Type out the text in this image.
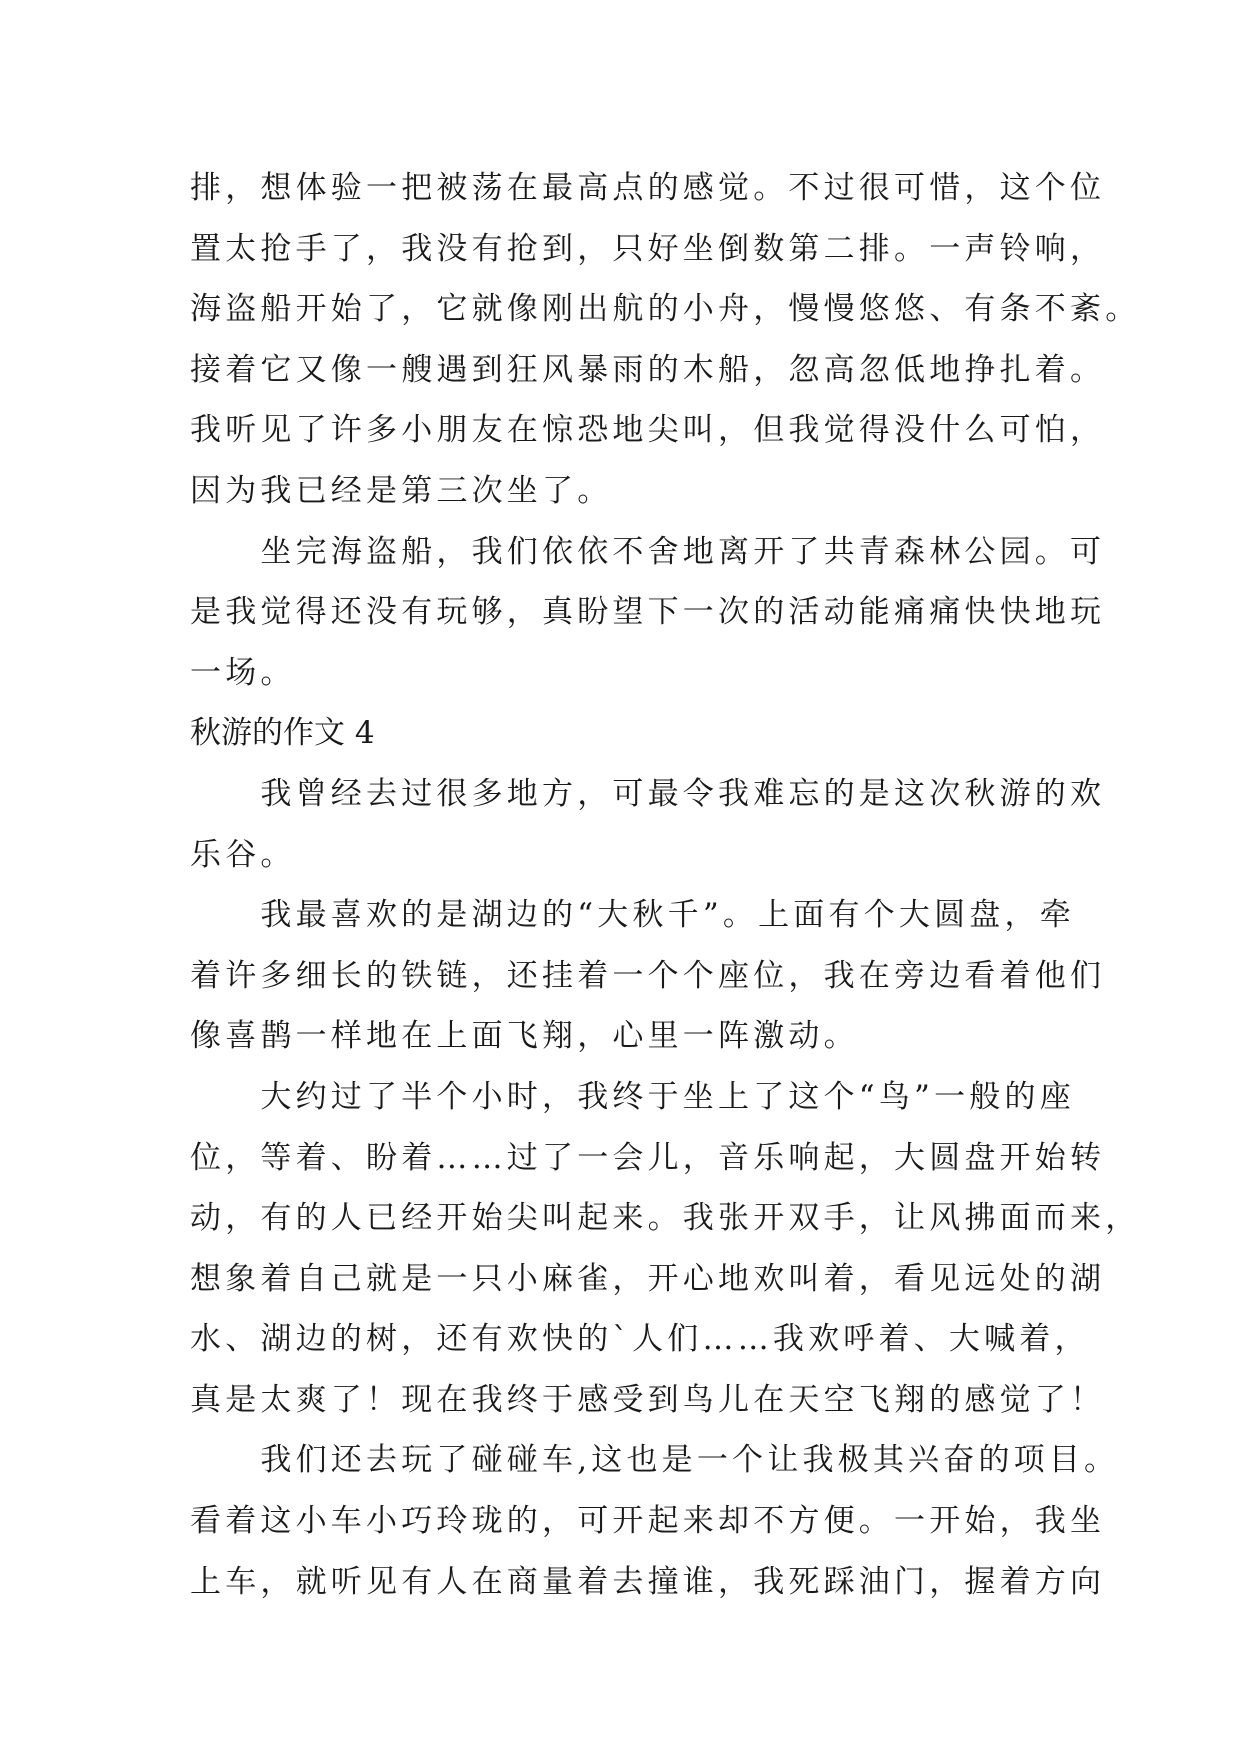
排，想体验一把被荡在最高点的感觉。不过很可惜，这个位
置太抢手了，我没有抢到，只好坐倒数第二排。一声铃响，
海盗船开始了，它就像刚出航的小舟，慢慢悠悠、有条不紊。
接着它又像一艘遇到狂风暴雨的木船，忽高忽低地挣扎着。
我听见了许多小朋友在惊恐地尖叫，但我觉得没什么可怕，
因为我已经是第三次坐了。
　　坐完海盗船，我们依依不舍地离开了共青森林公园。可
是我觉得还没有玩够，真盼望下一次的活动能痛痛快快地玩
一场。
秋游的作文 4
　　我曾经去过很多地方，可最令我难忘的是这次秋游的欢
乐谷。
　　我最喜欢的是湖边的“大秋千”。上面有个大圆盘，牵
着许多细长的铁链，还挂着一个个座位，我在旁边看着他们
像喜鹊一样地在上面飞翔，心里一阵激动。
　　大约过了半个小时，我终于坐上了这个“鸟”一般的座
位，等着、盼着……过了一会儿，音乐响起，大圆盘开始转
动，有的人已经开始尖叫起来。我张开双手，让风拂面而来，
想象着自己就是一只小麻雀，开心地欢叫着，看见远处的湖
水、湖边的树，还有欢快的`人们……我欢呼着、大喊着，
真是太爽了！现在我终于感受到鸟儿在天空飞翔的感觉了！
　　我们还去玩了碰碰车,这也是一个让我极其兴奋的项目。
看着这小车小巧玲珑的，可开起来却不方便。一开始，我坐
上车，就听见有人在商量着去撞谁，我死踩油门，握着方向
